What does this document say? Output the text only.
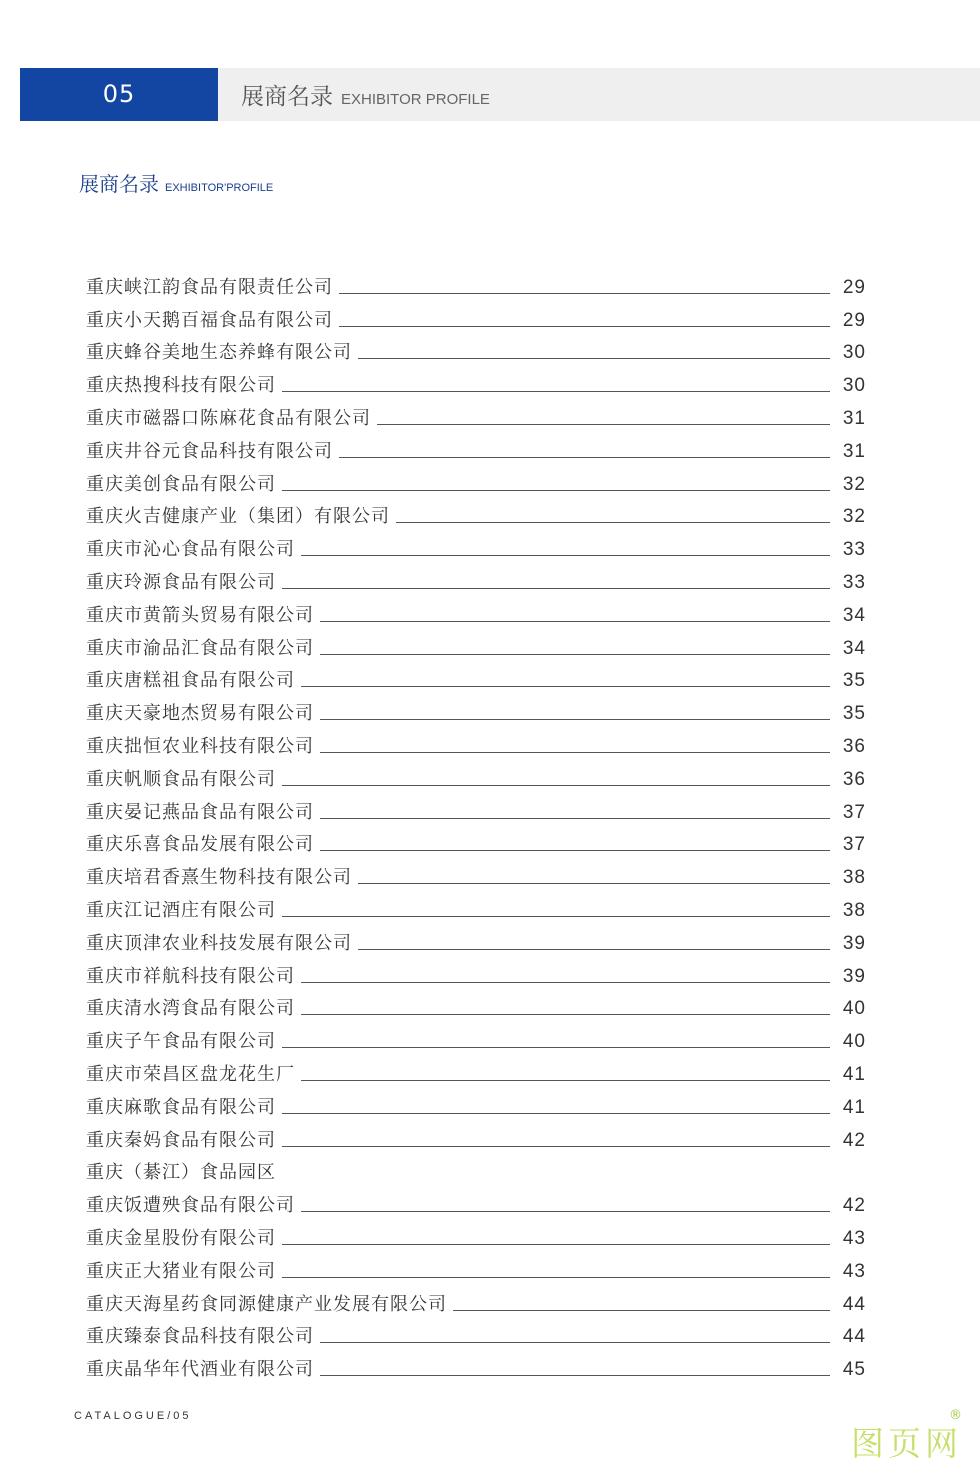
05	展商名录 EXHIBITOR PROFILE
展商名录 EXHIBITOR'PROFILE
重庆峡江韵食品有限责任公司	29
重庆小天鹅百福食品有限公司	29
重庆蜂谷美地生态养蜂有限公司	30
重庆热搜科技有限公司	30
重庆市磁器口陈麻花食品有限公司	31
重庆井谷元食品科技有限公司	31
重庆美创食品有限公司	32
重庆火吉健康产业（集团）有限公司	32
重庆市沁心食品有限公司	33
重庆玲源食品有限公司	33
重庆市黄箭头贸易有限公司	34
重庆市渝品汇食品有限公司	34
重庆唐糕祖食品有限公司	35
重庆天豪地杰贸易有限公司	35
重庆拙恒农业科技有限公司	36
重庆帆顺食品有限公司	36
重庆晏记燕品食品有限公司	37
重庆乐喜食品发展有限公司	37
重庆培君香熹生物科技有限公司	38
重庆江记酒庄有限公司	38
重庆顶津农业科技发展有限公司	39
重庆市祥航科技有限公司	39
重庆清水湾食品有限公司	40
重庆子午食品有限公司	40
重庆市荣昌区盘龙花生厂	41
重庆麻歌食品有限公司	41
重庆秦妈食品有限公司	42
重庆（綦江）食品园区
重庆饭遭殃食品有限公司	42
重庆金星股份有限公司	43
重庆正大猪业有限公司	43
重庆天海星药食同源健康产业发展有限公司	44
重庆臻泰食品科技有限公司	44
重庆晶华年代酒业有限公司	45
CATALOGUE/05
图页网
®
